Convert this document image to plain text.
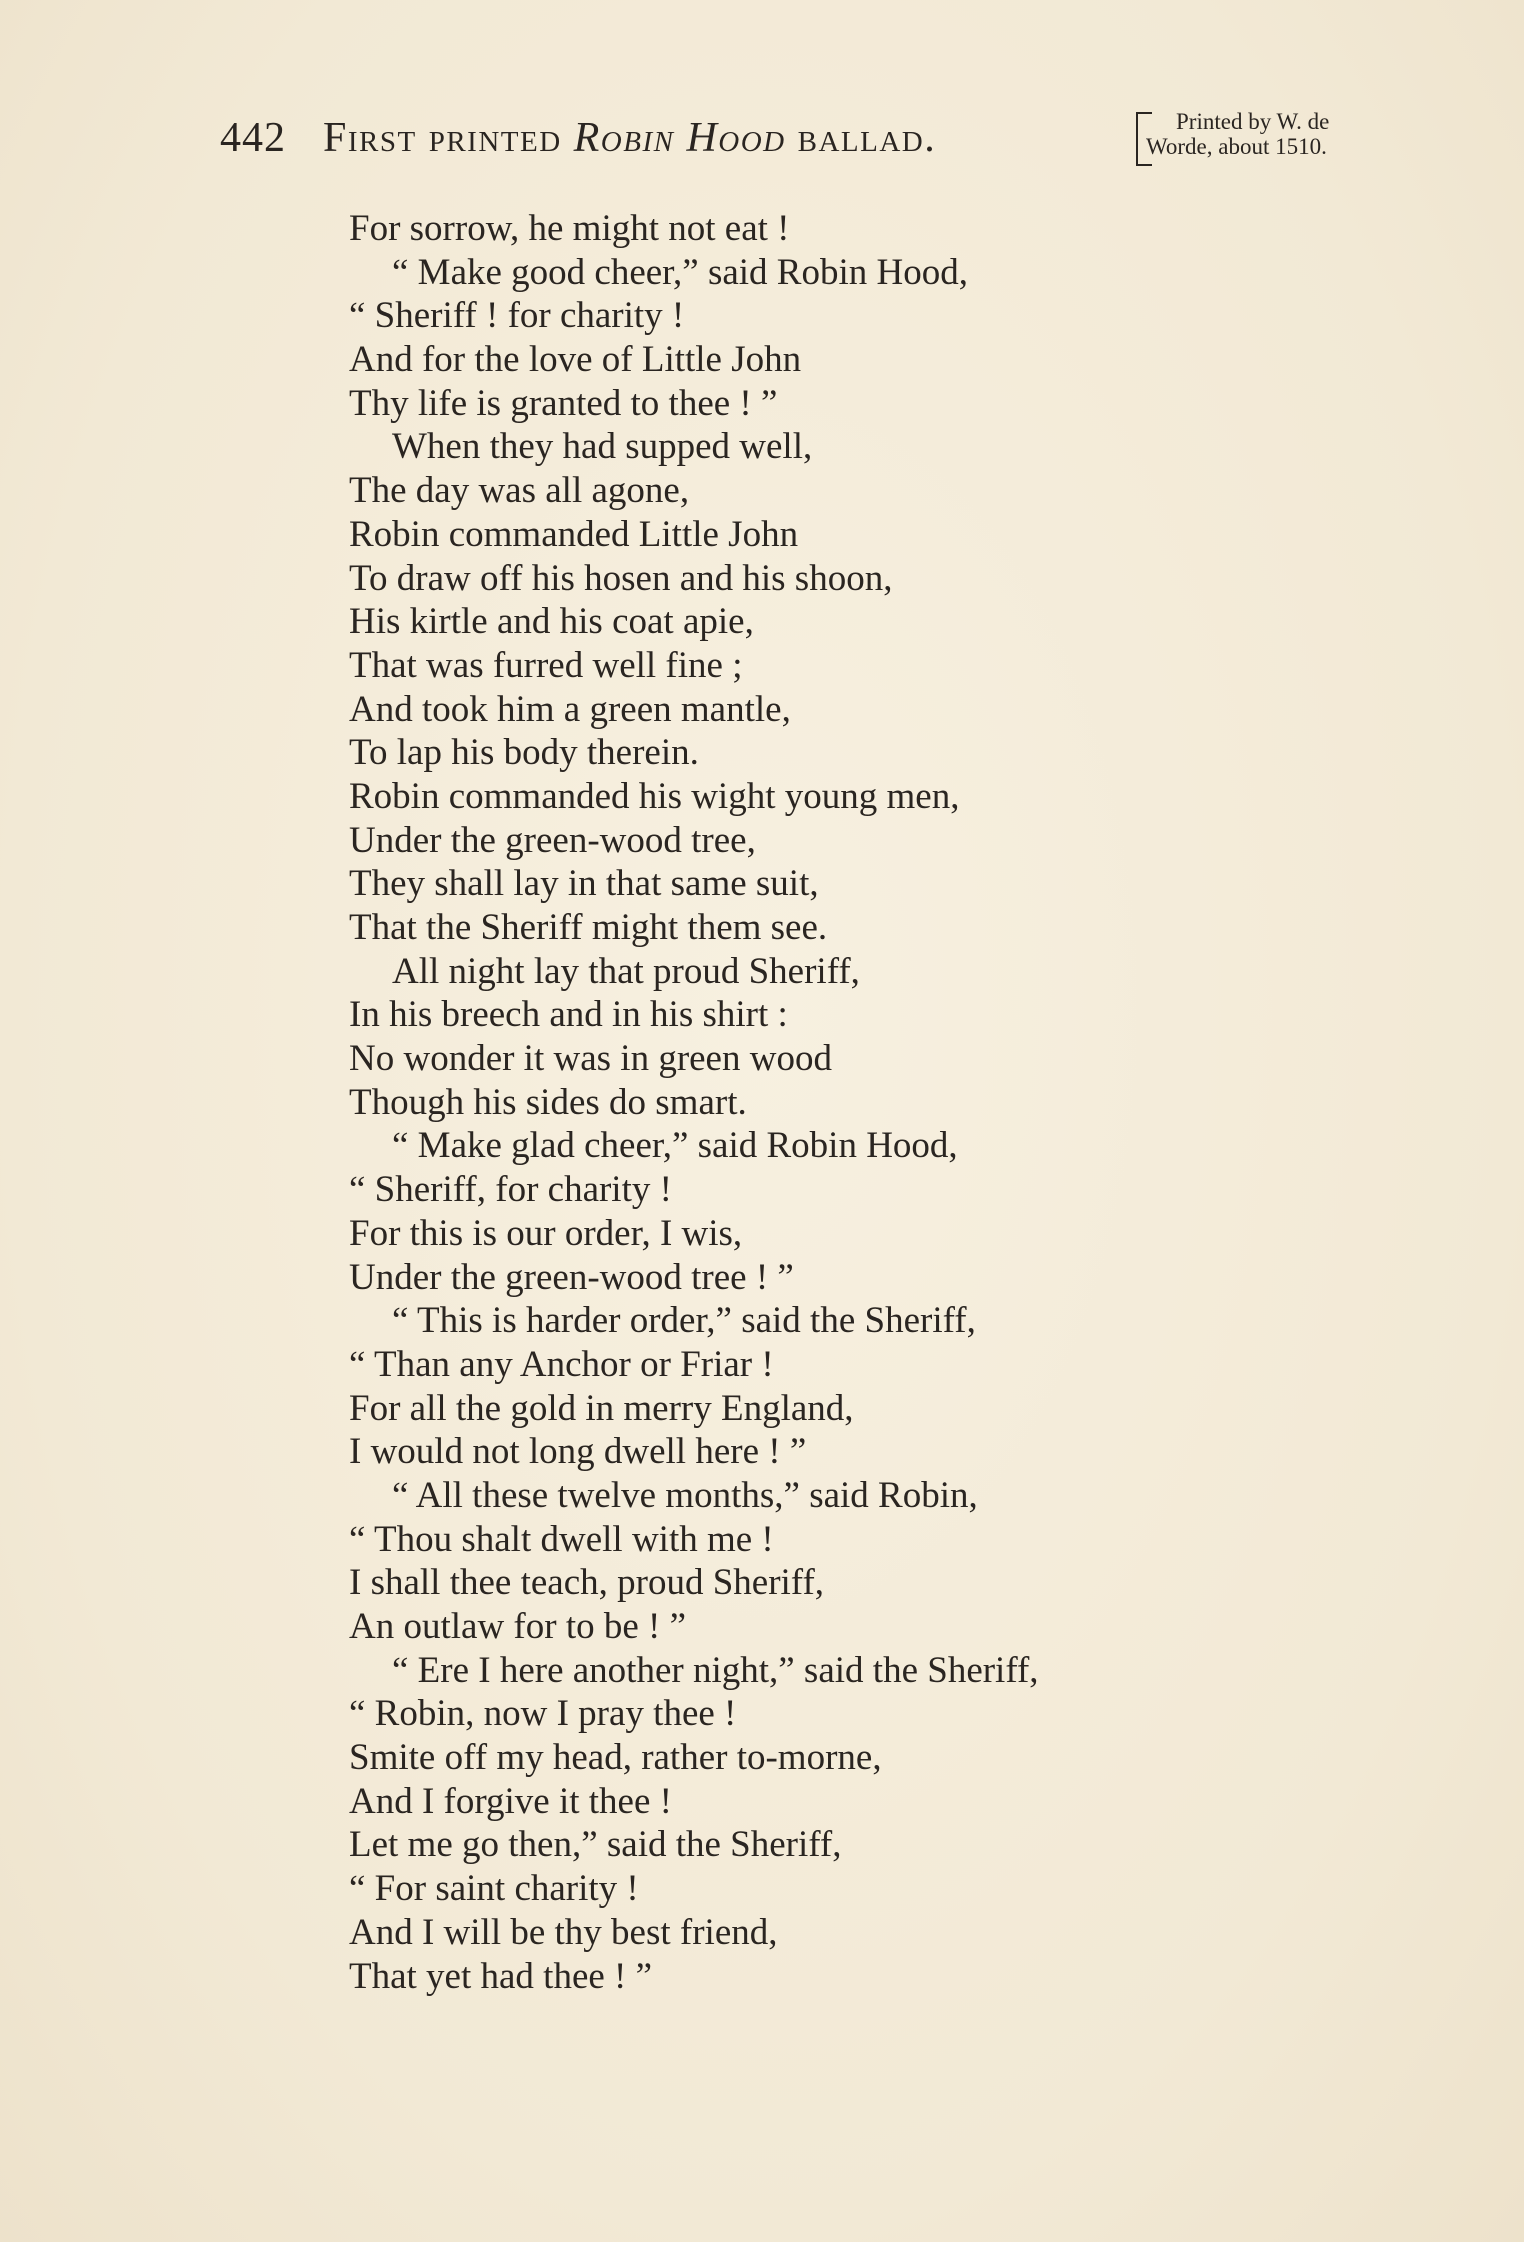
442 First printed Robin Hood ballad.	Printed by W. de
Worde, about 1510.
For sorrow, he might not eat !
“ Make good cheer,” said Robin Hood,
“ Sheriff ! for charity !
And for the love of Little John
Thy life is granted to thee ! ”
When they had supped well,
The day was all agone,
Robin commanded Little John
To draw off his hosen and his shoon,
His kirtle and his coat apie,
That was furred well fine ;
And took him a green mantle,
To lap his body therein.
Robin commanded his wight young men,
Under the green-wood tree,
They shall lay in that same suit,
That the Sheriff might them see.
All night lay that proud Sheriff,
In his breech and in his shirt :
No wonder it was in green wood
Though his sides do smart.
“ Make glad cheer,” said Robin Hood,
“ Sheriff, for charity !
For this is our order, I wis,
Under the green-wood tree ! ”
“ This is harder order,” said the Sheriff,
“ Than any Anchor or Friar !
For all the gold in merry England,
I would not long dwell here ! ”
“ All these twelve months,” said Robin,
“ Thou shalt dwell with me !
I shall thee teach, proud Sheriff,
An outlaw for to be ! ”
“ Ere I here another night,” said the Sheriff,
“ Robin, now I pray thee !
Smite off my head, rather to-morne,
And I forgive it thee !
Let me go then,” said the Sheriff,
“ For saint charity !
And I will be thy best friend,
That yet had thee ! ”
